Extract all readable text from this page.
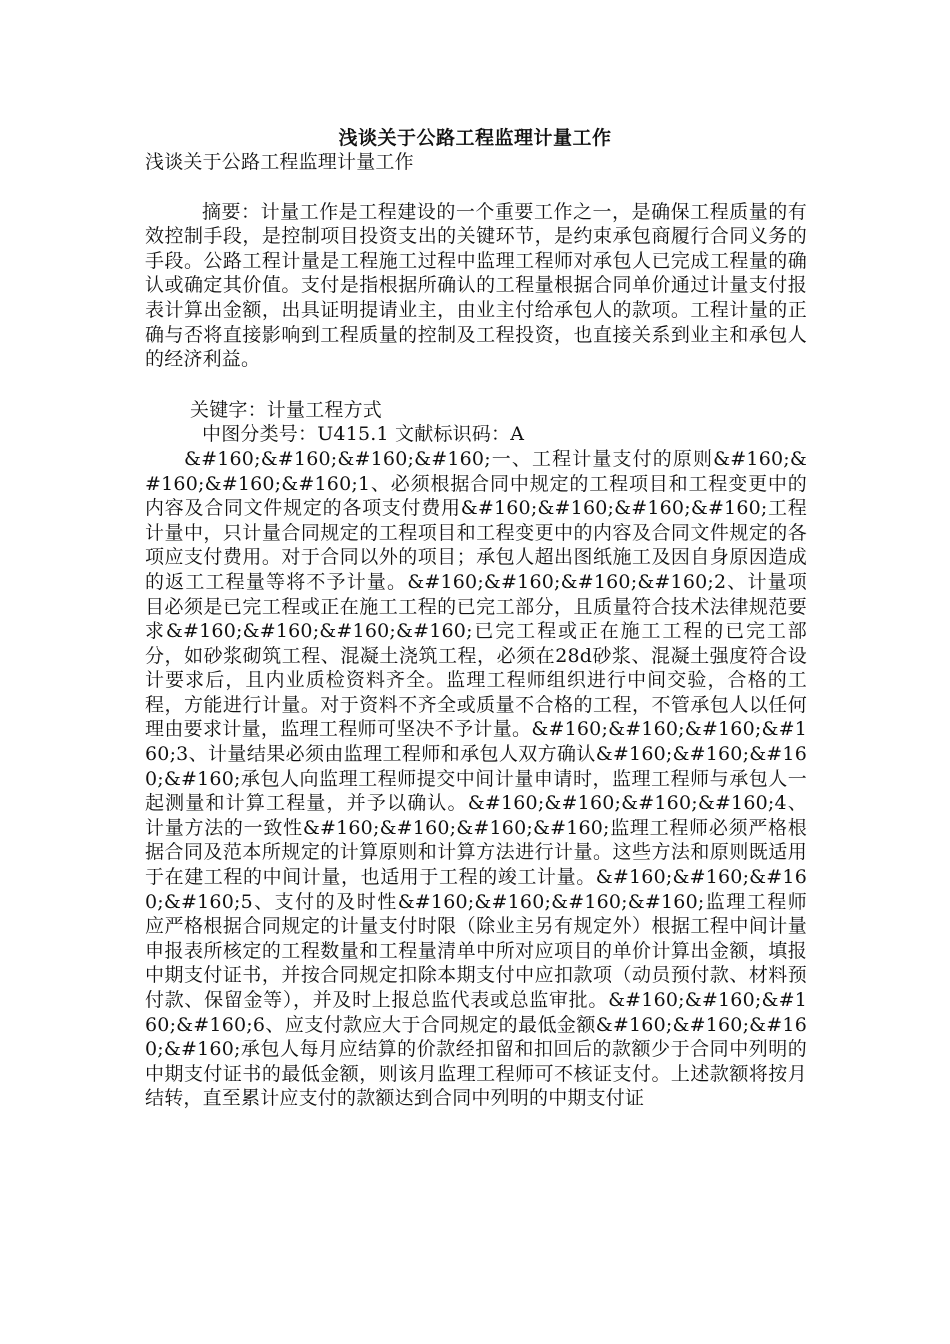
浅谈关于公路工程监理计量工作

浅谈关于公路工程监理计量工作

摘要：计量工作是工程建设的一个重要工作之一，是确保工程质量的有效控制手段，是控制项目投资支出的关键环节，是约束承包商履行合同义务的手段。公路工程计量是工程施工过程中监理工程师对承包人已完成工程量的确认或确定其价值。支付是指根据所确认的工程量根据合同单价通过计量支付报表计算出金额，出具证明提请业主，由业主付给承包人的款项。工程计量的正确与否将直接影响到工程质量的控制及工程投资，也直接关系到业主和承包人的经济利益。

关键字：计量工程方式

中图分类号：U415.1 文献标识码：A

&#160;&#160;&#160;&#160;一、工程计量支付的原则&#160;&#160;&#160;&#160;1、必须根据合同中规定的工程项目和工程变更中的内容及合同文件规定的各项支付费用&#160;&#160;&#160;&#160;工程计量中，只计量合同规定的工程项目和工程变更中的内容及合同文件规定的各项应支付费用。对于合同以外的项目；承包人超出图纸施工及因自身原因造成的返工工程量等将不予计量。&#160;&#160;&#160;&#160;2、计量项目必须是已完工程或正在施工工程的已完工部分，且质量符合技术法律规范要求&#160;&#160;&#160;&#160;已完工程或正在施工工程的已完工部分，如砂浆砌筑工程、混凝土浇筑工程，必须在28d砂浆、混凝土强度符合设计要求后，且内业质检资料齐全。监理工程师组织进行中间交验，合格的工程，方能进行计量。对于资料不齐全或质量不合格的工程，不管承包人以任何理由要求计量，监理工程师可坚决不予计量。&#160;&#160;&#160;&#160;3、计量结果必须由监理工程师和承包人双方确认&#160;&#160;&#160;&#160;承包人向监理工程师提交中间计量申请时，监理工程师与承包人一起测量和计算工程量，并予以确认。&#160;&#160;&#160;&#160;4、计量方法的一致性&#160;&#160;&#160;&#160;监理工程师必须严格根据合同及范本所规定的计算原则和计算方法进行计量。这些方法和原则既适用于在建工程的中间计量，也适用于工程的竣工计量。&#160;&#160;&#160;&#160;5、支付的及时性&#160;&#160;&#160;&#160;监理工程师应严格根据合同规定的计量支付时限（除业主另有规定外）根据工程中间计量申报表所核定的工程数量和工程量清单中所对应项目的单价计算出金额，填报中期支付证书，并按合同规定扣除本期支付中应扣款项（动员预付款、材料预付款、保留金等），并及时上报总监代表或总监审批。&#160;&#160;&#160;&#160;6、应支付款应大于合同规定的最低金额&#160;&#160;&#160;&#160;承包人每月应结算的价款经扣留和扣回后的款额少于合同中列明的中期支付证书的最低金额，则该月监理工程师可不核证支付。上述款额将按月结转，直至累计应支付的款额达到合同中列明的中期支付证
